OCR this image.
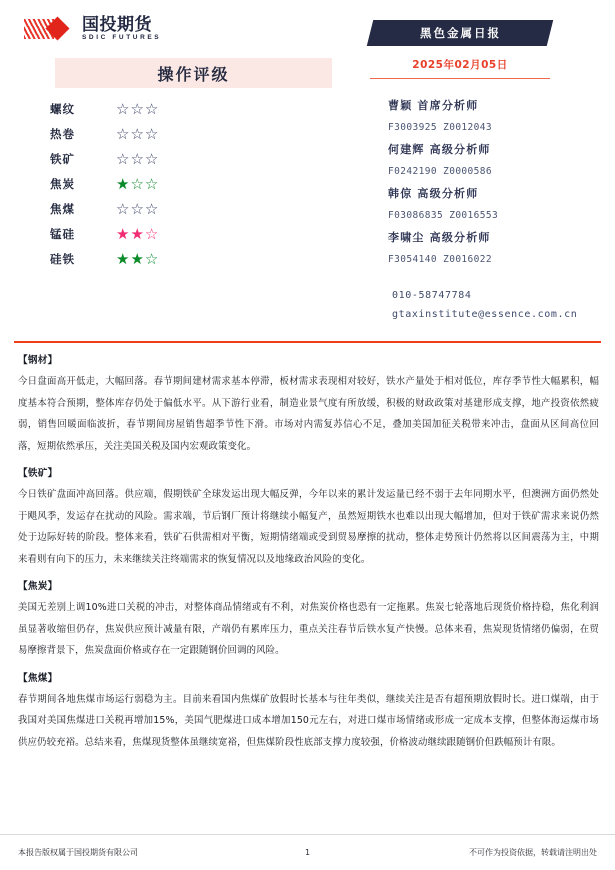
国投期货
SDIC FUTURES
操作评级
螺纹	☆ ☆ ☆
热卷	☆ ☆ ☆
铁矿	☆ ☆ ☆
焦炭	★ ☆ ☆
焦煤	☆ ☆ ☆
锰硅	★ ★ ☆
硅铁	★ ★ ☆
黑色金属日报
2025年02月05日
曹颖 首席分析师
F3003925 Z0012043
何建辉 高级分析师
F0242190 Z0000586
韩倞 高级分析师
F03086835 Z0016553
李啸尘 高级分析师
F3054140 Z0016022
010-58747784
gtaxinstitute@essence.com.cn
【钢材】
今日盘面高开低走，大幅回落。春节期间建材需求基本停滞，板材需求表现相对较好，铁水产量处于相对低位，库存季节性大幅累积，幅度基本符合预期，整体库存仍处于偏低水平。从下游行业看，制造业景气度有所放缓，积极的财政政策对基建形成支撑，地产投资依然疲弱，销售回暖面临波折，春节期间房屋销售超季节性下滑。市场对内需复苏信心不足，叠加美国加征关税带来冲击，盘面从区间高位回落，短期依然承压，关注美国关税及国内宏观政策变化。
【铁矿】
今日铁矿盘面冲高回落。供应端，假期铁矿全球发运出现大幅反弹，今年以来的累计发运量已经不弱于去年同期水平，但澳洲方面仍然处于飓风季，发运存在扰动的风险。需求端，节后钢厂预计将继续小幅复产，虽然短期铁水也难以出现大幅增加，但对于铁矿需求来说仍然处于边际好转的阶段。整体来看，铁矿石供需相对平衡，短期情绪端或受到贸易摩擦的扰动，整体走势预计仍然将以区间震荡为主，中期来看则有向下的压力，未来继续关注终端需求的恢复情况以及地缘政治风险的变化。
【焦炭】
美国无差别上调10%进口关税的冲击，对整体商品情绪或有不利，对焦炭价格也恐有一定拖累。焦炭七轮落地后现货价格持稳，焦化利润虽显著收缩但仍存，焦炭供应预计减量有限，产端仍有累库压力，重点关注春节后铁水复产快慢。总体来看，焦炭现货情绪仍偏弱，在贸易摩擦背景下，焦炭盘面价格或存在一定跟随钢价回调的风险。
【焦煤】
春节期间各地焦煤市场运行弱稳为主。目前来看国内焦煤矿放假时长基本与往年类似，继续关注是否有超预期放假时长。进口煤端，由于我国对美国焦煤进口关税再增加15%，美国气肥煤进口成本增加150元左右，对进口煤市场情绪或形成一定成本支撑，但整体海运煤市场供应仍较充裕。总结来看，焦煤现货整体虽继续宽裕，但焦煤阶段性底部支撑力度较强，价格波动继续跟随钢价但跌幅预计有限。
本报告版权属于国投期货有限公司	1	不可作为投资依据，转载请注明出处
